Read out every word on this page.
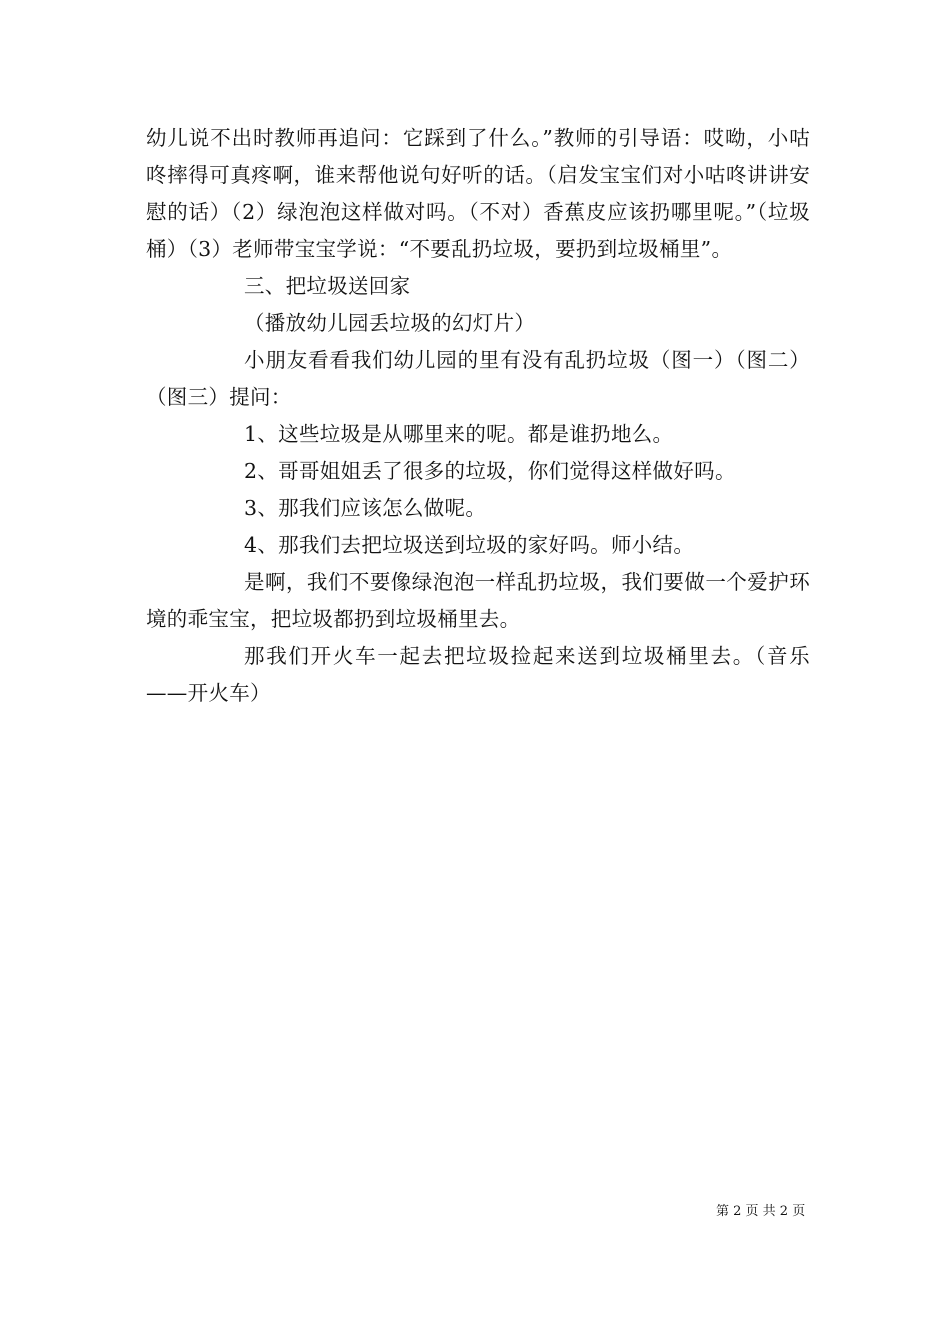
幼儿说不出时教师再追问：它踩到了什么。”教师的引导语：哎呦，小咕咚摔得可真疼啊，谁来帮他说句好听的话。（启发宝宝们对小咕咚讲讲安慰的话）（2）绿泡泡这样做对吗。（不对）香蕉皮应该扔哪里呢。”（垃圾桶）（3）老师带宝宝学说：“不要乱扔垃圾，要扔到垃圾桶里”。

三、把垃圾送回家

（播放幼儿园丢垃圾的幻灯片）

小朋友看看我们幼儿园的里有没有乱扔垃圾（图一）（图二）（图三）提问：

1、这些垃圾是从哪里来的呢。都是谁扔地么。

2、哥哥姐姐丢了很多的垃圾，你们觉得这样做好吗。

3、那我们应该怎么做呢。

4、那我们去把垃圾送到垃圾的家好吗。师小结。

是啊，我们不要像绿泡泡一样乱扔垃圾，我们要做一个爱护环境的乖宝宝，把垃圾都扔到垃圾桶里去。

那我们开火车一起去把垃圾捡起来送到垃圾桶里去。（音乐——开火车）

第 2 页 共 2 页
